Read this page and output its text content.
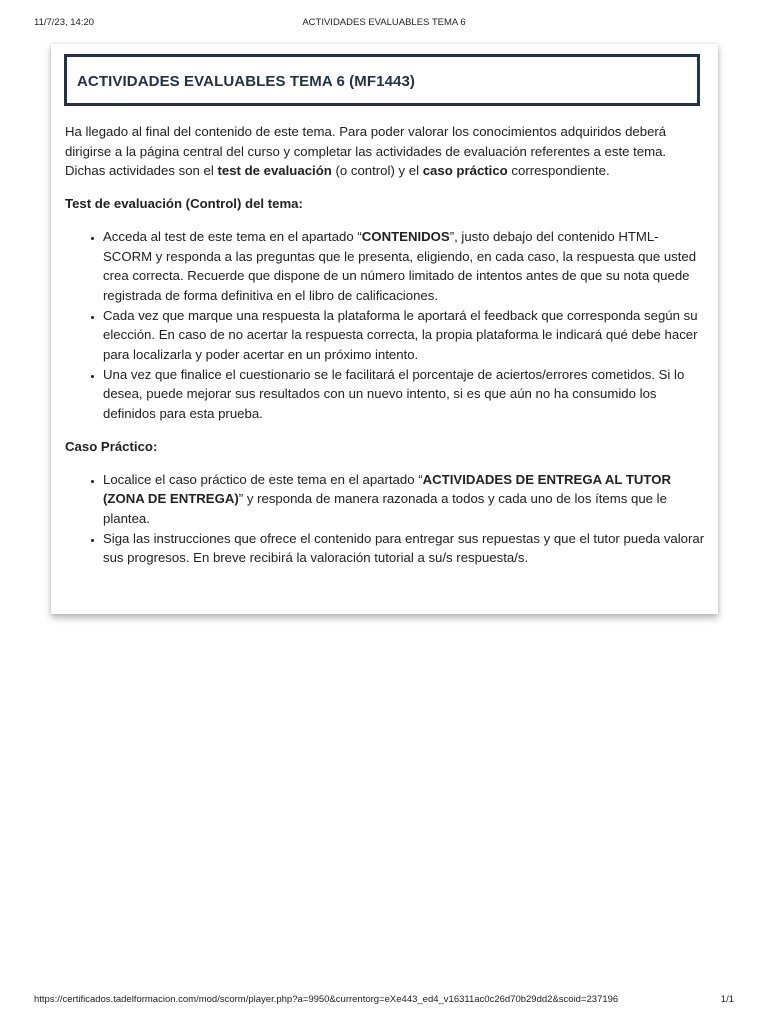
ACTIVIDADES EVALUABLES TEMA 6
11/7/23, 14:20
ACTIVIDADES EVALUABLES TEMA 6 (MF1443)

Ha llegado al final del contenido de este tema. Para poder valorar los conocimientos adquiridos deberá dirigirse a la página central del curso y completar las actividades de evaluación referentes a este tema. Dichas actividades son el test de evaluación (o control) y el caso práctico correspondiente.

Test de evaluación (Control) del tema:

• Acceda al test de este tema en el apartado “CONTENIDOS”, justo debajo del contenido HTML-SCORM y responda a las preguntas que le presenta, eligiendo, en cada caso, la respuesta que usted crea correcta. Recuerde que dispone de un número limitado de intentos antes de que su nota quede registrada de forma definitiva en el libro de calificaciones.
• Cada vez que marque una respuesta la plataforma le aportará el feedback que corresponda según su elección. En caso de no acertar la respuesta correcta, la propia plataforma le indicará qué debe hacer para localizarla y poder acertar en un próximo intento.
• Una vez que finalice el cuestionario se le facilitará el porcentaje de aciertos/errores cometidos. Si lo desea, puede mejorar sus resultados con un nuevo intento, si es que aún no ha consumido los definidos para esta prueba.

Caso Práctico:

• Localice el caso práctico de este tema en el apartado “ACTIVIDADES DE ENTREGA AL TUTOR (ZONA DE ENTREGA)” y responda de manera razonada a todos y cada uno de los ítems que le plantea.
• Siga las instrucciones que ofrece el contenido para entregar sus repuestas y que el tutor pueda valorar sus progresos. En breve recibirá la valoración tutorial a su/s respuesta/s.
https://certificados.tadelformacion.com/mod/scorm/player.php?a=9950&currentorg=eXe443_ed4_v16311ac0c26d70b29dd2&scoid=237196	1/1
